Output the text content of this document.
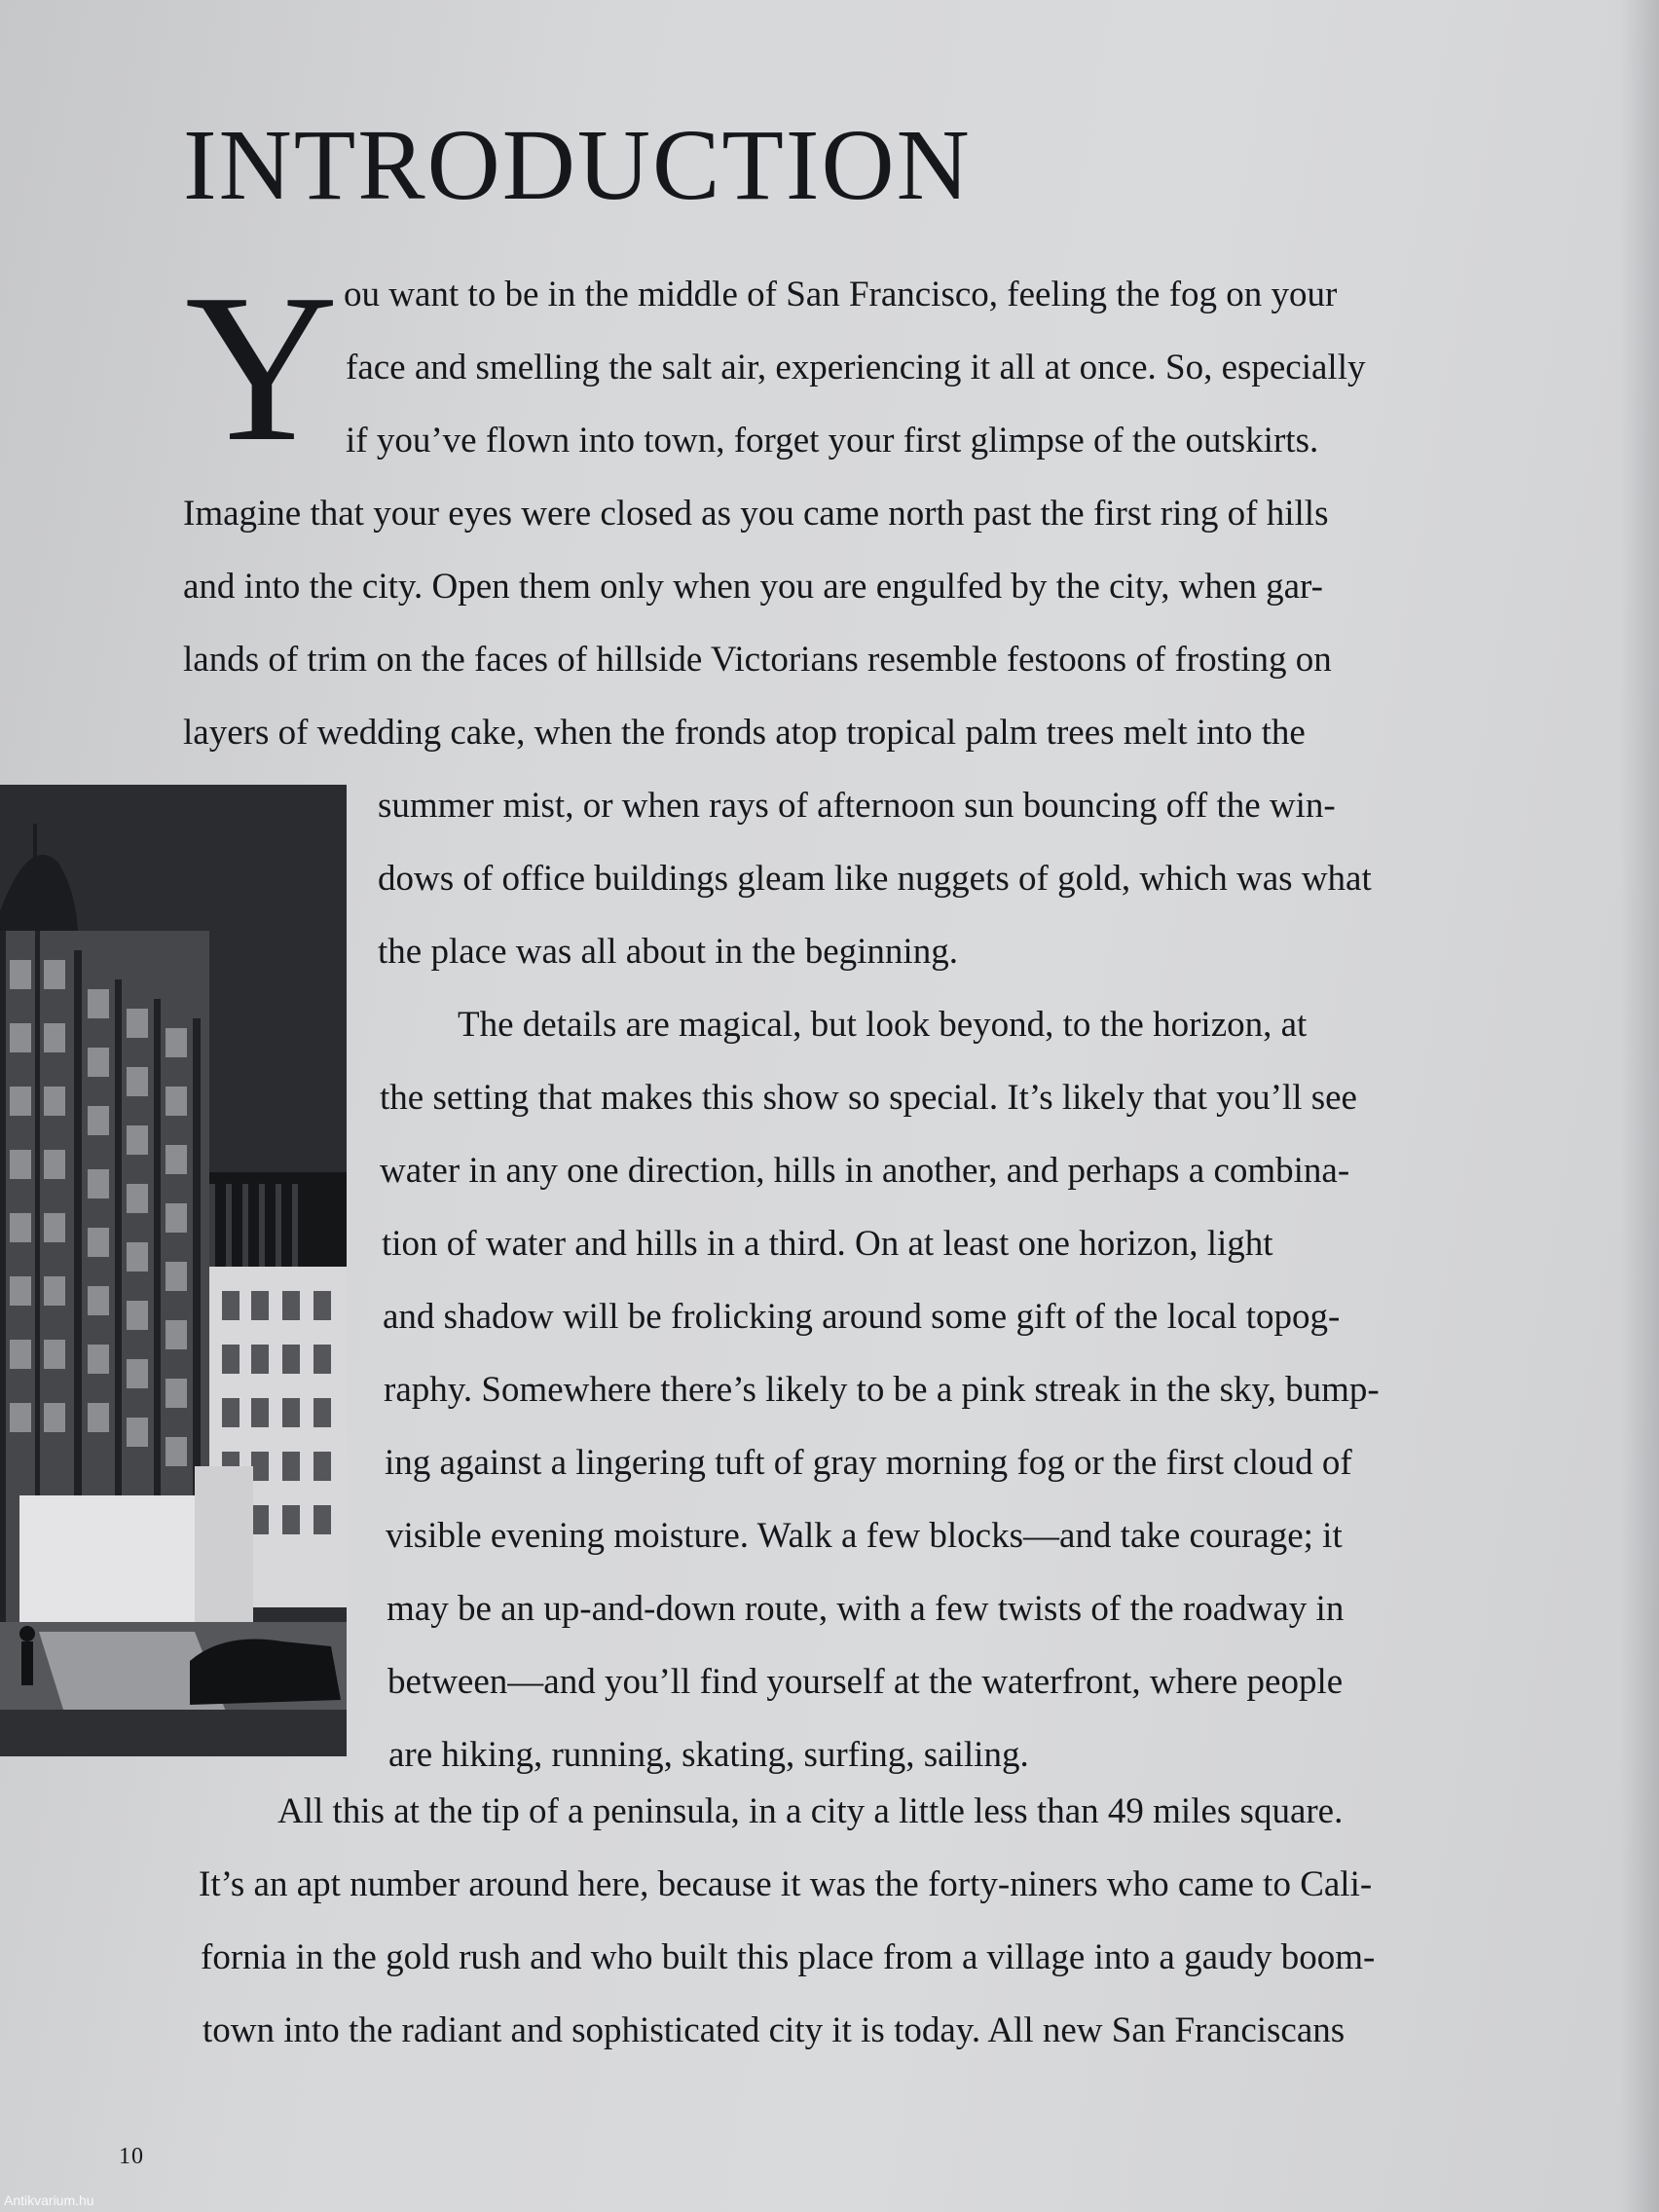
INTRODUCTION
Y ou want to be in the middle of San Francisco, feeling the fog on your
face and smelling the salt air, experiencing it all at once. So, especially
if you’ve flown into town, forget your first glimpse of the outskirts.
Imagine that your eyes were closed as you came north past the first ring of hills
and into the city. Open them only when you are engulfed by the city, when gar-
lands of trim on the faces of hillside Victorians resemble festoons of frosting on
layers of wedding cake, when the fronds atop tropical palm trees melt into the
summer mist, or when rays of afternoon sun bouncing off the win-
dows of office buildings gleam like nuggets of gold, which was what
the place was all about in the beginning.
The details are magical, but look beyond, to the horizon, at
the setting that makes this show so special. It’s likely that you’ll see
water in any one direction, hills in another, and perhaps a combina-
tion of water and hills in a third. On at least one horizon, light
and shadow will be frolicking around some gift of the local topog-
raphy. Somewhere there’s likely to be a pink streak in the sky, bump-
ing against a lingering tuft of gray morning fog or the first cloud of
visible evening moisture. Walk a few blocks—and take courage; it
may be an up-and-down route, with a few twists of the roadway in
between—and you’ll find yourself at the waterfront, where people
are hiking, running, skating, surfing, sailing.
All this at the tip of a peninsula, in a city a little less than 49 miles square.
It’s an apt number around here, because it was the forty-niners who came to Cali-
fornia in the gold rush and who built this place from a village into a gaudy boom-
town into the radiant and sophisticated city it is today. All new San Franciscans
10
Antikvarium.hu
